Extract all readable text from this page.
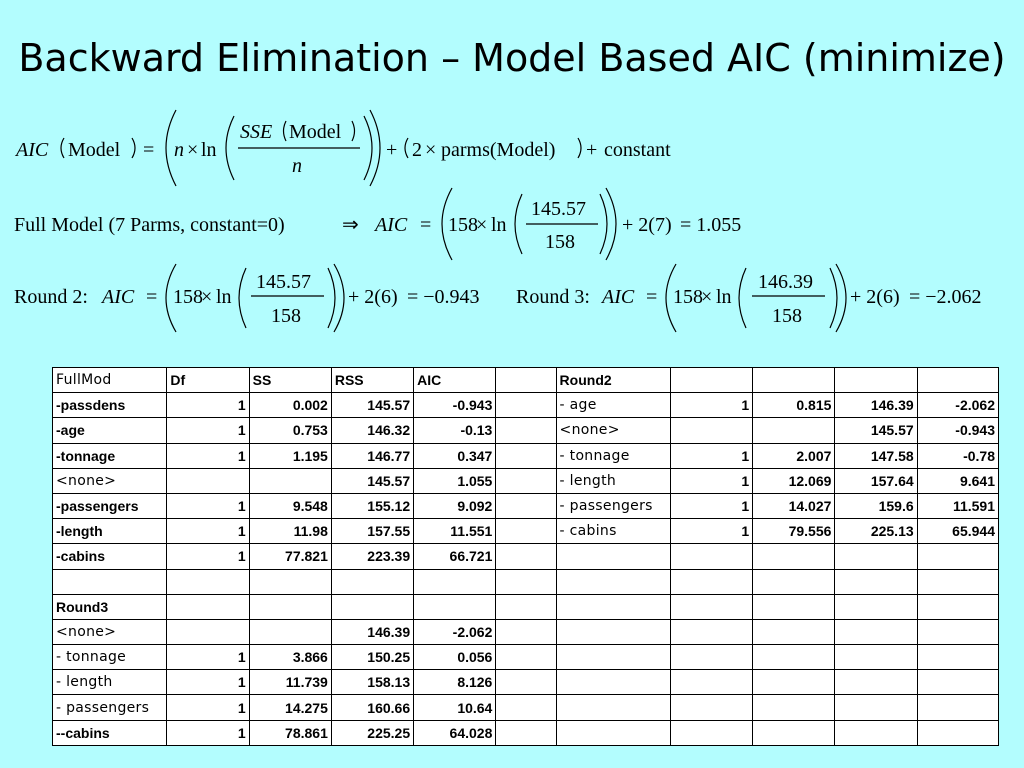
Backward Elimination – Model Based AIC (minimize)
AIC Model = n × ln
SSE Model
n
+ 2 × parms(Model) + constant
Full Model (7 Parms, constant=0)	⇒ AIC = 158
× ln
145.57
158
+ 2(7) = 1.055
Round 2: AIC = 158
× ln
145.57
158
+ 2(6) = −0.943 Round 3: AIC = 158
× ln
146.39
158
+ 2(6) = −2.062
FullMod	Df	SS	RSS	AIC		Round2				
-passdens	1	0.002	145.57	-0.943		- age	1	0.815	146.39	-2.062
-age	1	0.753	146.32	-0.13		<none>			145.57	-0.943
-tonnage	1	1.195	146.77	0.347		- tonnage	1	2.007	147.58	-0.78
<none>			145.57	1.055		- length	1	12.069	157.64	9.641
-passengers	1	9.548	155.12	9.092		- passengers	1	14.027	159.6	11.591
-length	1	11.98	157.55	11.551		- cabins	1	79.556	225.13	65.944
-cabins	1	77.821	223.39	66.721						

Round3										
<none>			146.39	-2.062						
- tonnage	1	3.866	150.25	0.056						
- length	1	11.739	158.13	8.126						
- passengers	1	14.275	160.66	10.64						
--cabins	1	78.861	225.25	64.028						
